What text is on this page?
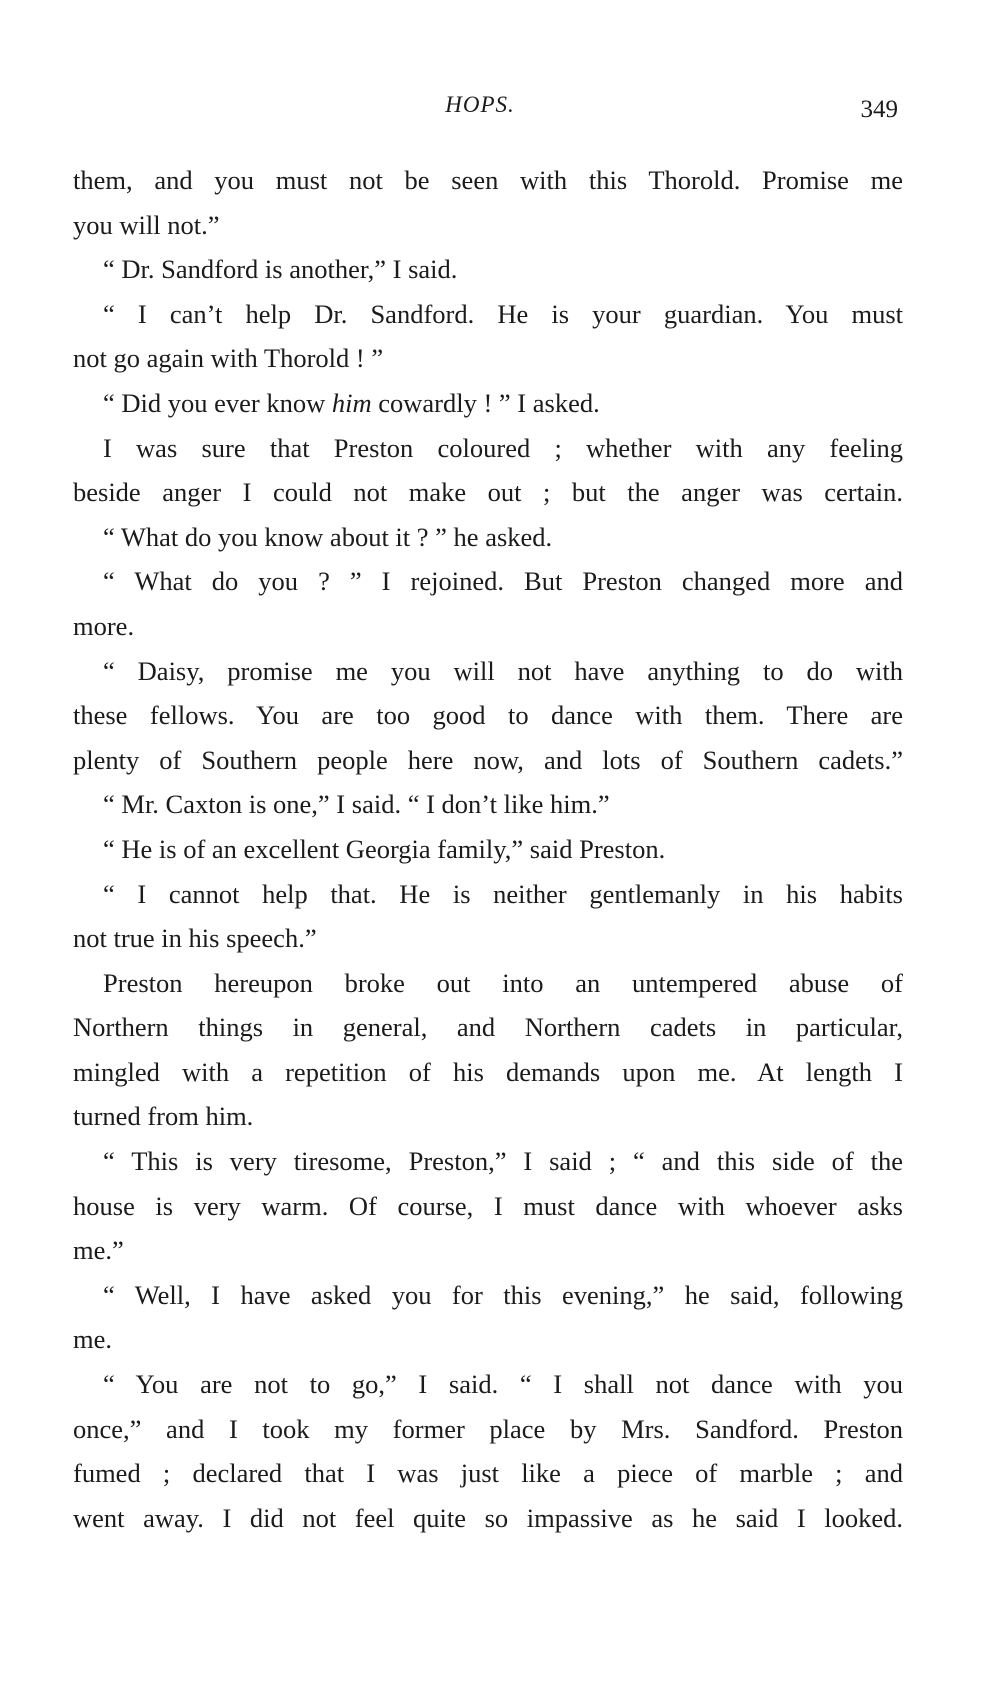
HOPS.	349
them, and you must not be seen with this Thorold. Promise me
you will not.”
“ Dr. Sandford is another,” I said.
“ I can’t help Dr. Sandford. He is your guardian. You must
not go again with Thorold ! ”
“ Did you ever know him cowardly ! ” I asked.
I was sure that Preston coloured ; whether with any feeling
beside anger I could not make out ; but the anger was certain.
“ What do you know about it ? ” he asked.
“ What do you ? ” I rejoined. But Preston changed more and
more.
“ Daisy, promise me you will not have anything to do with
these fellows. You are too good to dance with them. There are
plenty of Southern people here now, and lots of Southern cadets.”
“ Mr. Caxton is one,” I said. “ I don’t like him.”
“ He is of an excellent Georgia family,” said Preston.
“ I cannot help that. He is neither gentlemanly in his habits
not true in his speech.”
Preston hereupon broke out into an untempered abuse of
Northern things in general, and Northern cadets in particular,
mingled with a repetition of his demands upon me. At length I
turned from him.
“ This is very tiresome, Preston,” I said ; “ and this side of the
house is very warm. Of course, I must dance with whoever asks
me.”
“ Well, I have asked you for this evening,” he said, following
me.
“ You are not to go,” I said. “ I shall not dance with you
once,” and I took my former place by Mrs. Sandford. Preston
fumed ; declared that I was just like a piece of marble ; and
went away. I did not feel quite so impassive as he said I looked.
